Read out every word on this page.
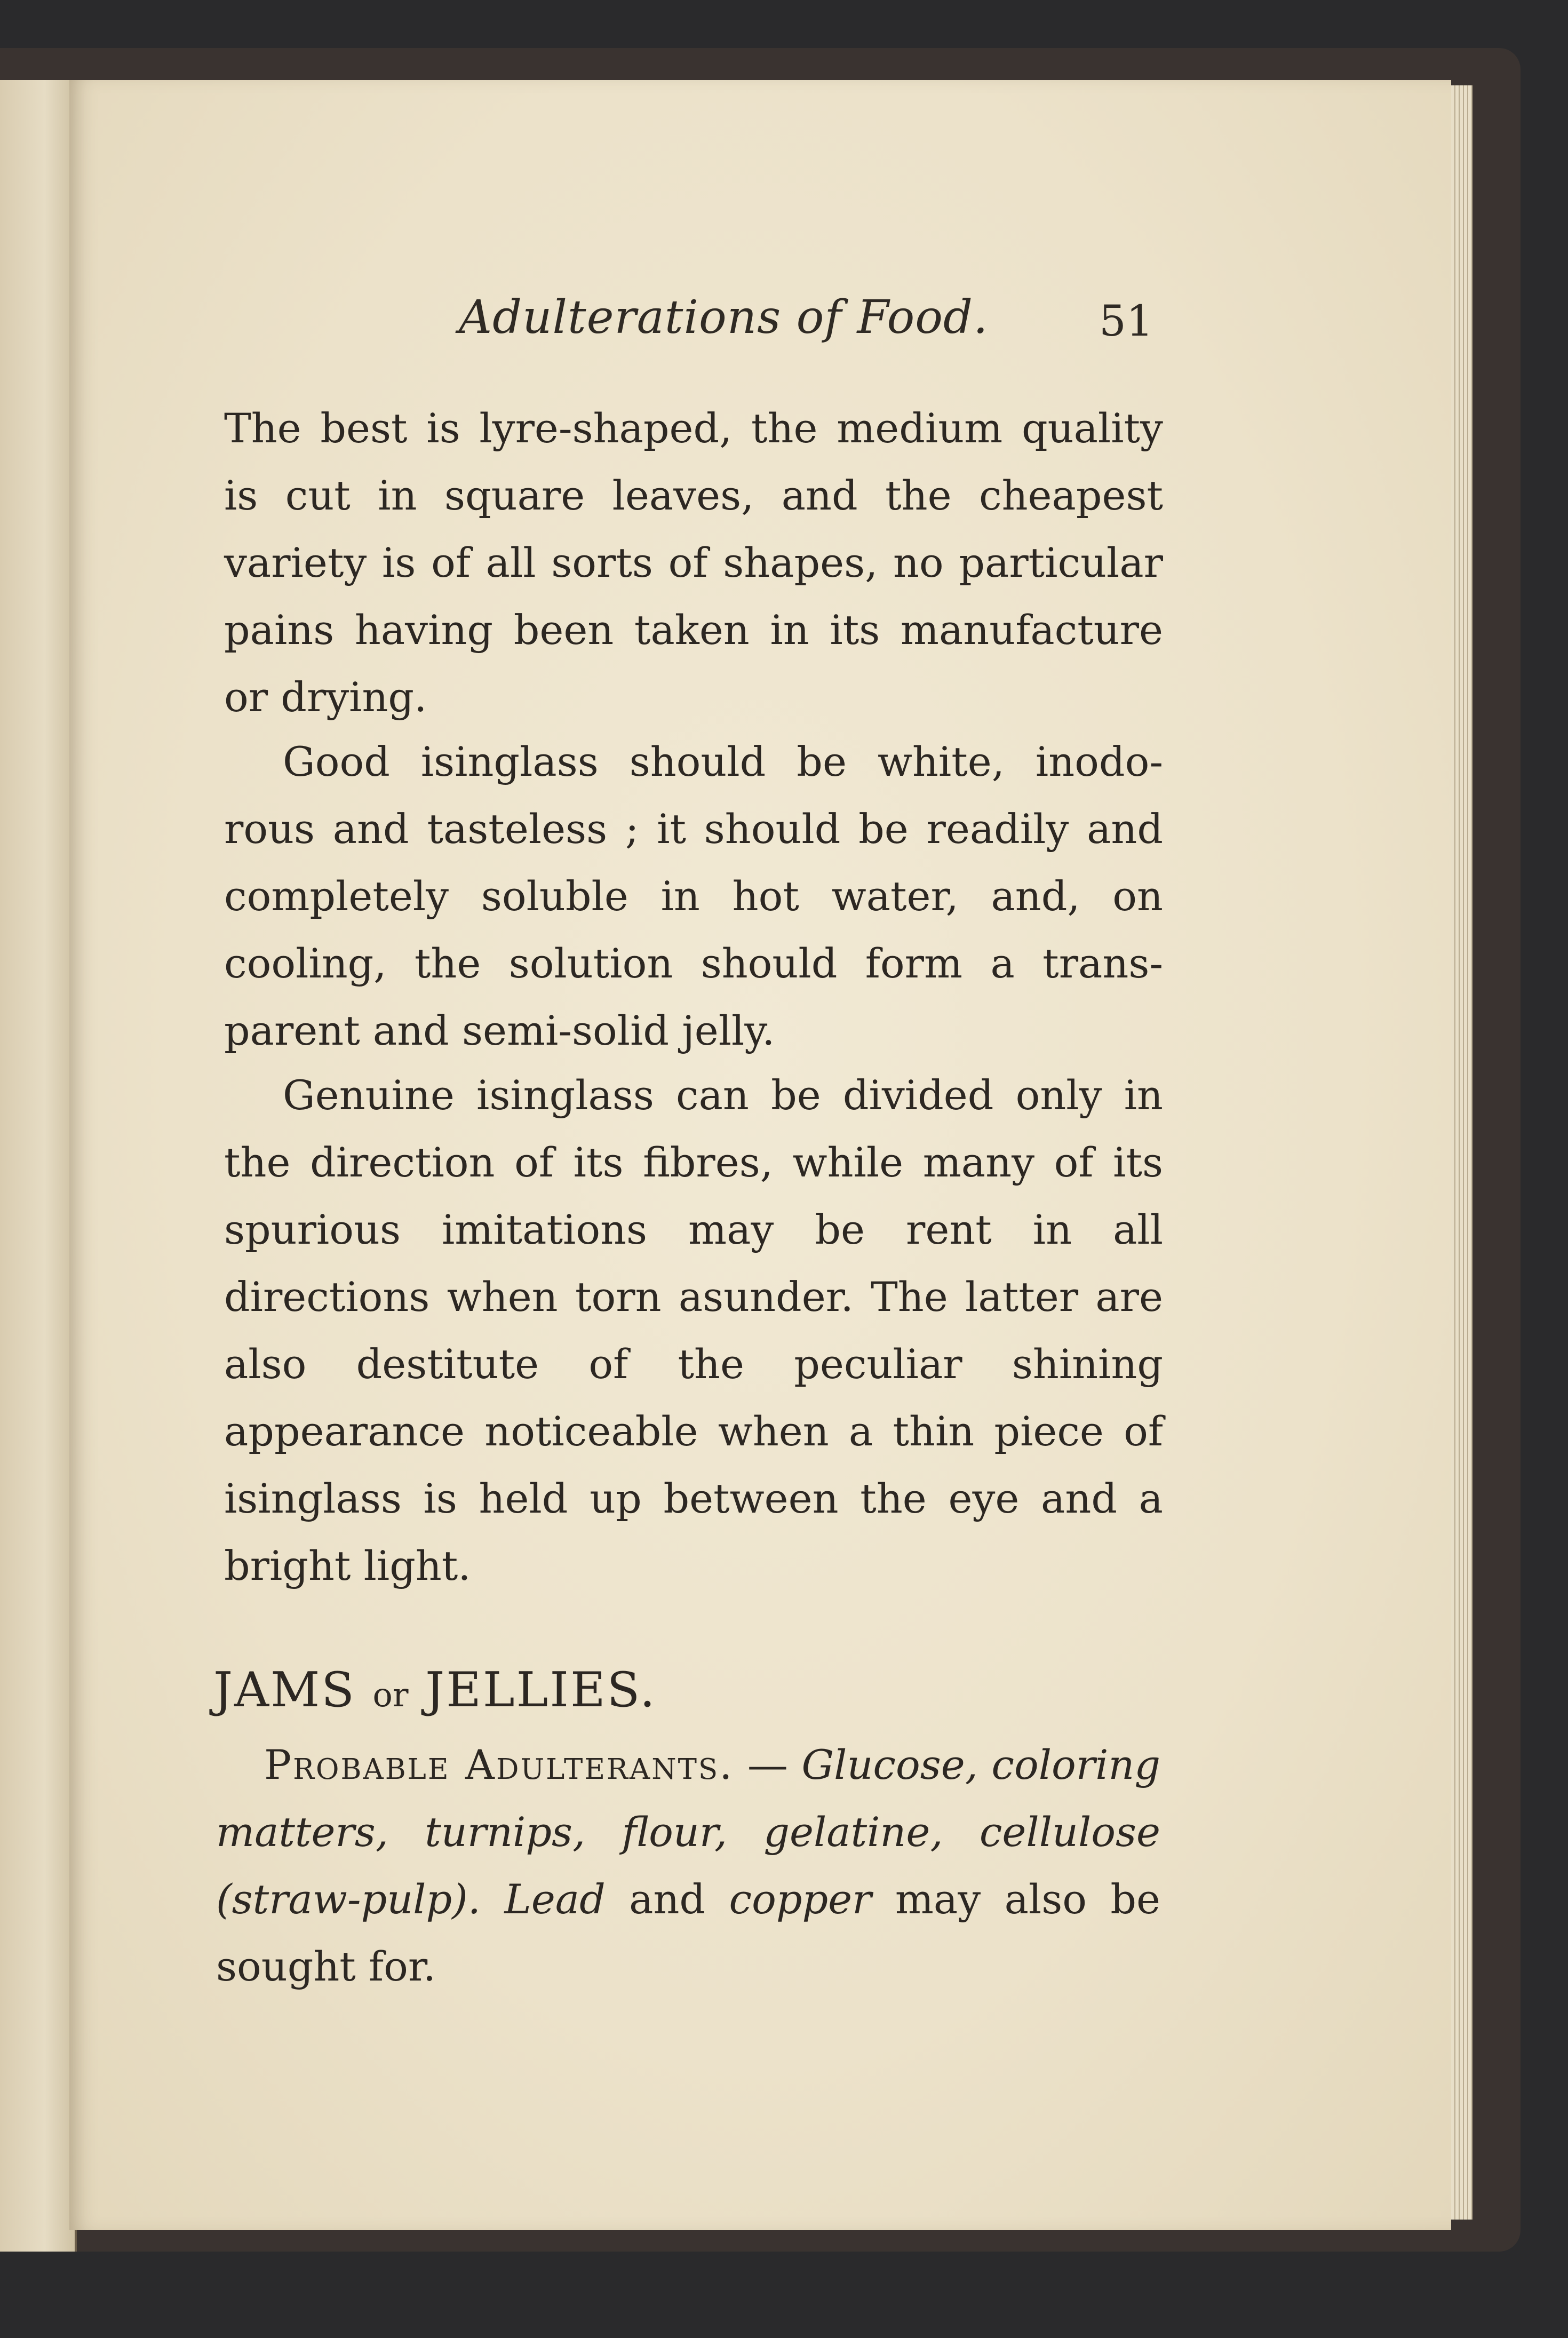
Adulterations of Food.	51

The best is lyre-shaped, the medium quality is cut in square leaves, and the cheapest variety is of all sorts of shapes, no particular pains having been taken in its manufacture or drying.

Good isinglass should be white, inodo-rous and tasteless ; it should be readily and completely soluble in hot water, and, on cooling, the solution should form a trans-parent and semi-solid jelly.

Genuine isinglass can be divided only in the direction of its fibres, while many of its spurious imitations may be rent in all directions when torn asunder. The latter are also destitute of the peculiar shining appearance noticeable when a thin piece of isinglass is held up between the eye and a bright light.

JAMS or JELLIES.

Probable Adulterants. — Glucose, coloring matters, turnips, flour, gelatine, cellulose (straw-pulp). Lead and copper may also be sought for.
